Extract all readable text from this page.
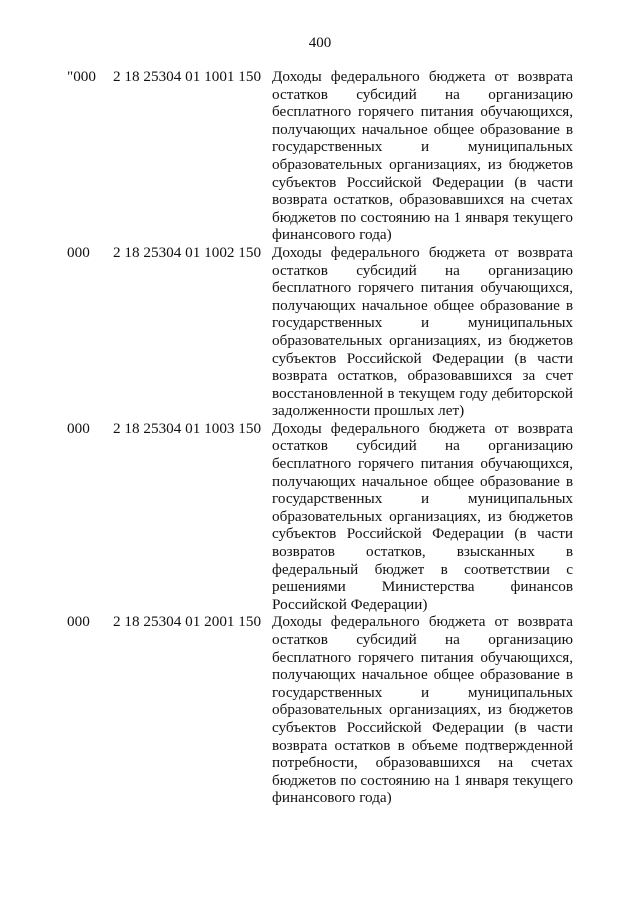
400
"000	2 18 25304 01 1001 150 Доходы федерального бюджета от возврата остатков субсидий на организацию бесплатного горячего питания обучающихся, получающих начальное общее образование в государственных и муниципальных образовательных организациях, из бюджетов субъектов Российской Федерации (в части возврата остатков, образовавшихся на счетах бюджетов по состоянию на 1 января текущего финансового года)
000	2 18 25304 01 1002 150 Доходы федерального бюджета от возврата остатков субсидий на организацию бесплатного горячего питания обучающихся, получающих начальное общее образование в государственных и муниципальных образовательных организациях, из бюджетов субъектов Российской Федерации (в части возврата остатков, образовавшихся за счет восстановленной в текущем году дебиторской задолженности прошлых лет)
000	2 18 25304 01 1003 150 Доходы федерального бюджета от возврата остатков субсидий на организацию бесплатного горячего питания обучающихся, получающих начальное общее образование в государственных и муниципальных образовательных организациях, из бюджетов субъектов Российской Федерации (в части возвратов остатков, взысканных в федеральный бюджет в соответствии с решениями Министерства финансов Российской Федерации)
000	2 18 25304 01 2001 150 Доходы федерального бюджета от возврата остатков субсидий на организацию бесплатного горячего питания обучающихся, получающих начальное общее образование в государственных и муниципальных образовательных организациях, из бюджетов субъектов Российской Федерации (в части возврата остатков в объеме подтвержденной потребности, образовавшихся на счетах бюджетов по состоянию на 1 января текущего финансового года)
